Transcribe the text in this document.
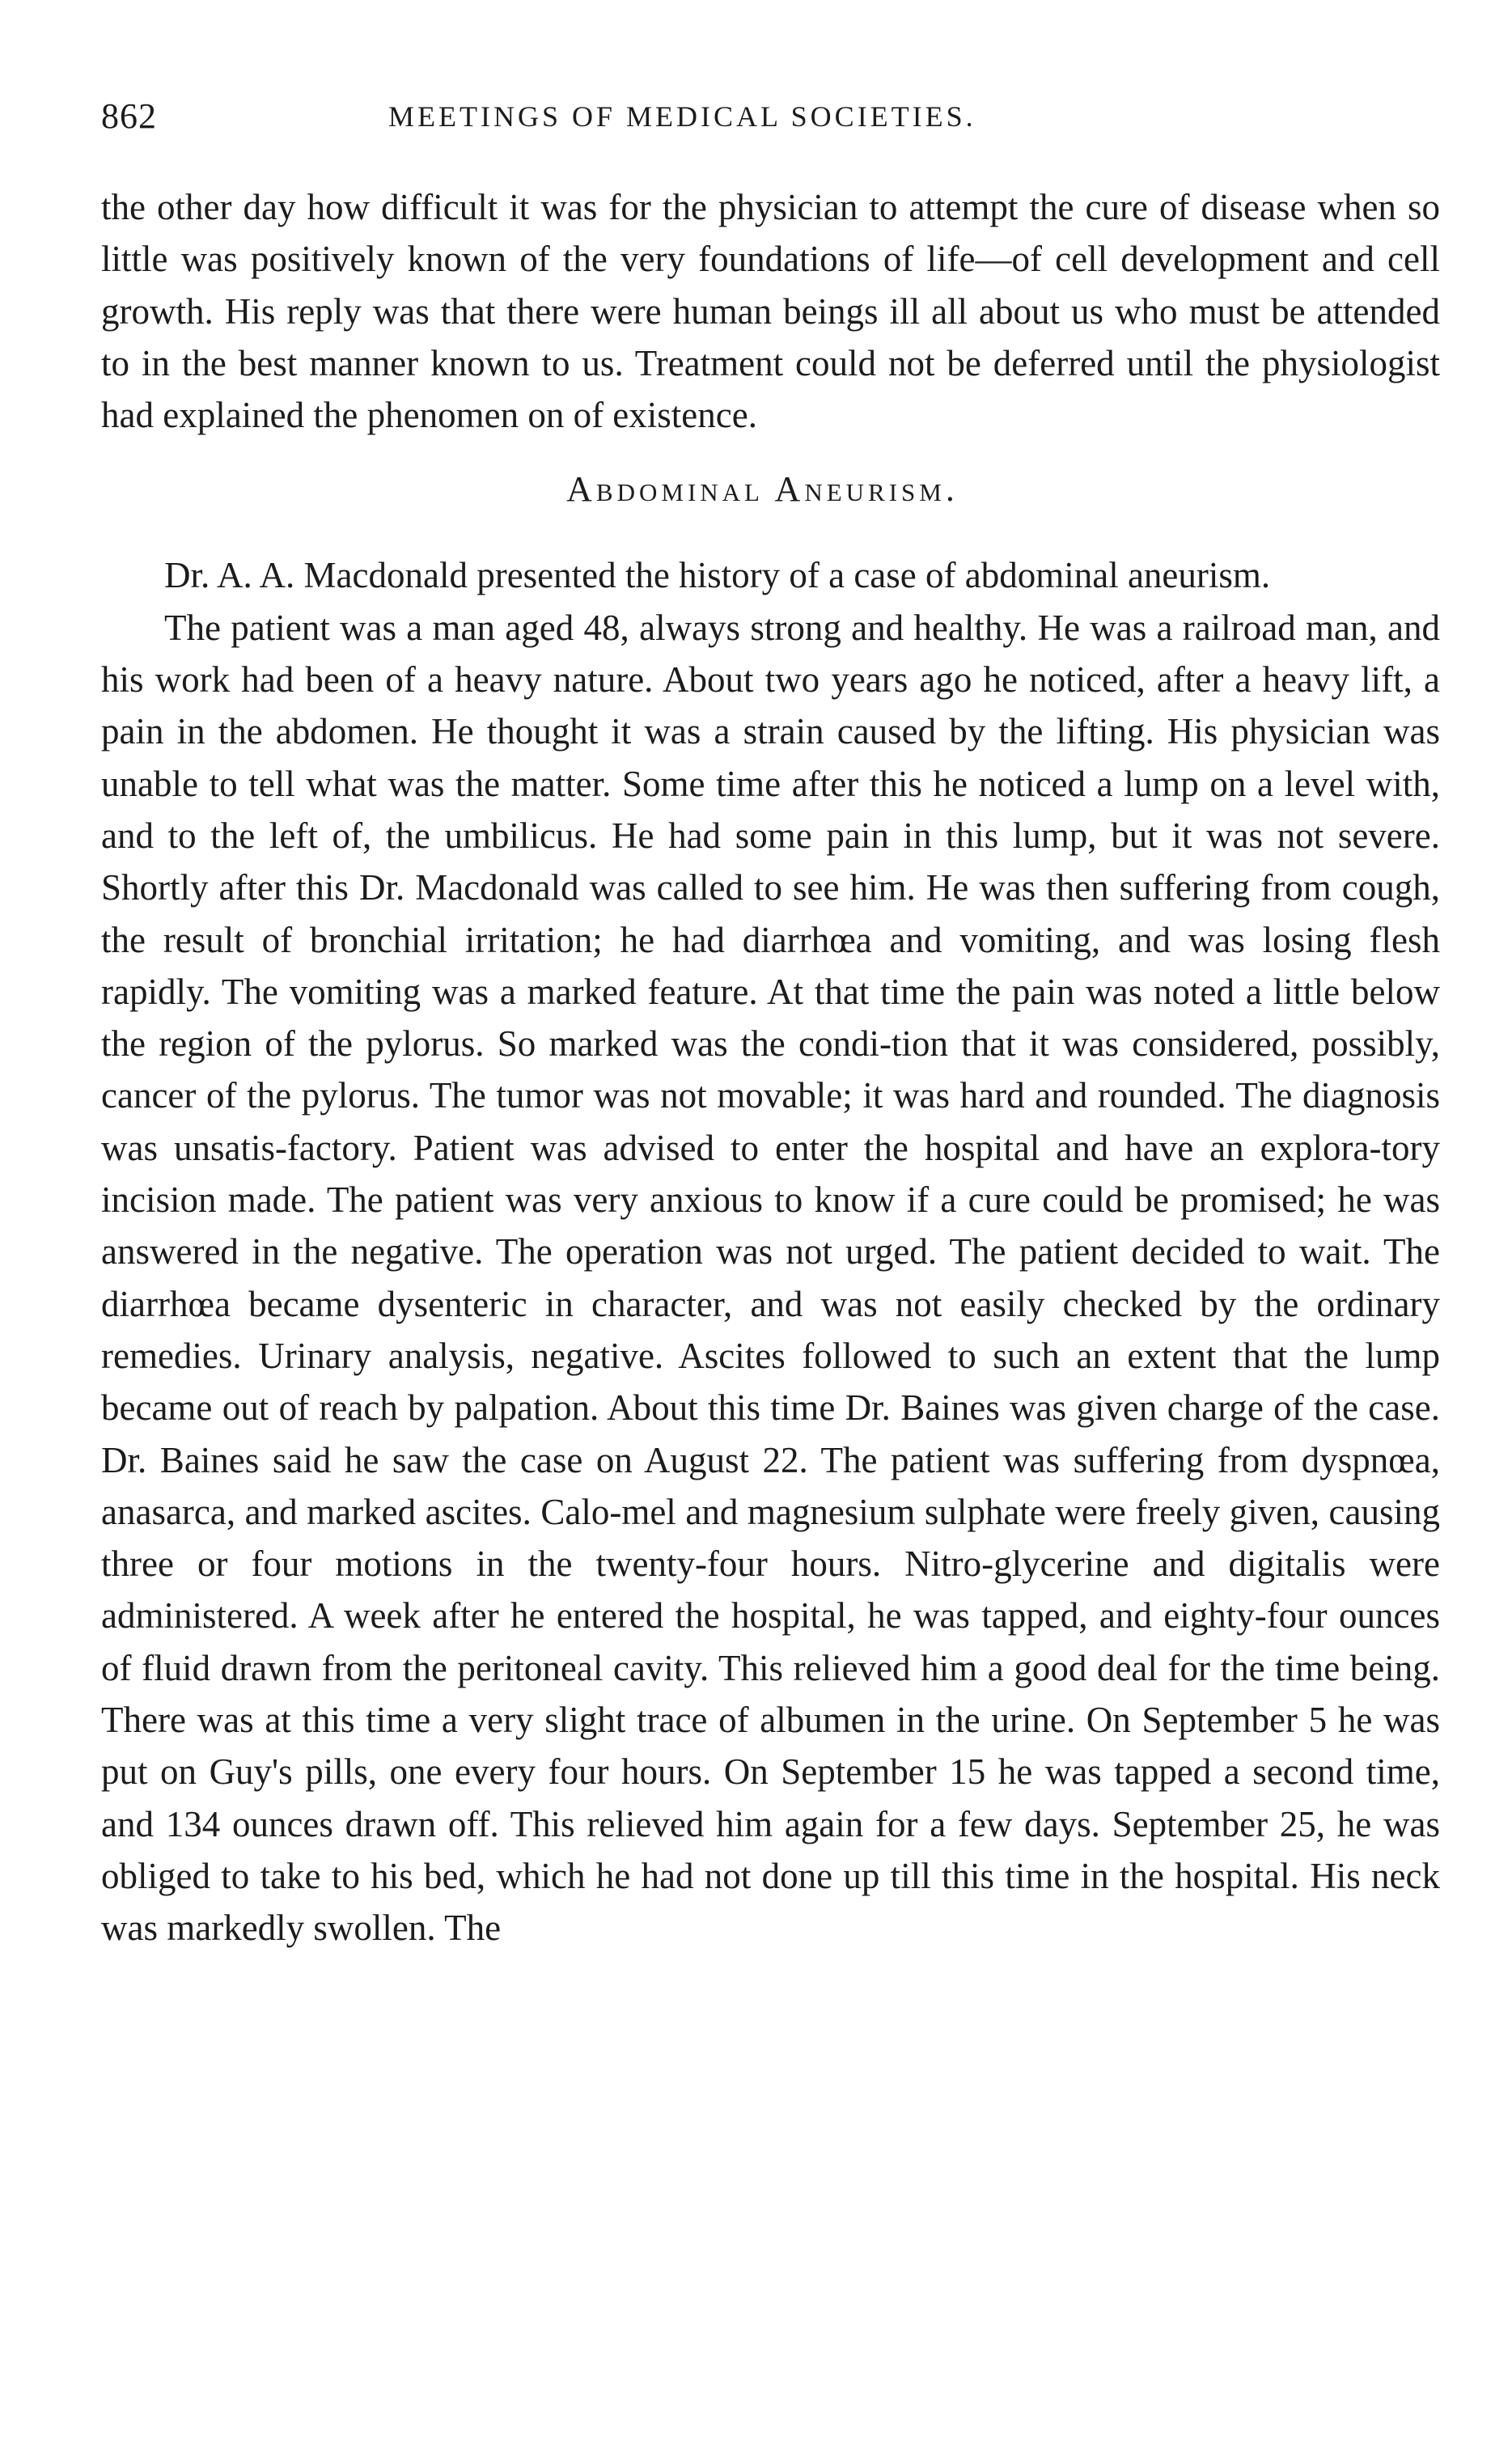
862	MEETINGS OF MEDICAL SOCIETIES.

the other day how difficult it was for the physician to attempt the cure of disease when so little was positively known of the very foundations of life—of cell development and cell growth. His reply was that there were human beings ill all about us who must be attended to in the best manner known to us. Treatment could not be deferred until the physiologist had explained the phenomen on of existence.

Abdominal Aneurism.

Dr. A. A. Macdonald presented the history of a case of abdominal aneurism.

The patient was a man aged 48, always strong and healthy. He was a railroad man, and his work had been of a heavy nature. About two years ago he noticed, after a heavy lift, a pain in the abdomen. He thought it was a strain caused by the lifting. His physician was unable to tell what was the matter. Some time after this he noticed a lump on a level with, and to the left of, the umbilicus. He had some pain in this lump, but it was not severe. Shortly after this Dr. Macdonald was called to see him. He was then suffering from cough, the result of bronchial irritation; he had diarrhœa and vomiting, and was losing flesh rapidly. The vomiting was a marked feature. At that time the pain was noted a little below the region of the pylorus. So marked was the condi-tion that it was considered, possibly, cancer of the pylorus. The tumor was not movable; it was hard and rounded. The diagnosis was unsatis-factory. Patient was advised to enter the hospital and have an explora-tory incision made. The patient was very anxious to know if a cure could be promised; he was answered in the negative. The operation was not urged. The patient decided to wait. The diarrhœa became dysenteric in character, and was not easily checked by the ordinary remedies. Urinary analysis, negative. Ascites followed to such an extent that the lump became out of reach by palpation. About this time Dr. Baines was given charge of the case. Dr. Baines said he saw the case on August 22. The patient was suffering from dyspnœa, anasarca, and marked ascites. Calo-mel and magnesium sulphate were freely given, causing three or four motions in the twenty-four hours. Nitro-glycerine and digitalis were administered. A week after he entered the hospital, he was tapped, and eighty-four ounces of fluid drawn from the peritoneal cavity. This relieved him a good deal for the time being. There was at this time a very slight trace of albumen in the urine. On September 5 he was put on Guy's pills, one every four hours. On September 15 he was tapped a second time, and 134 ounces drawn off. This relieved him again for a few days. September 25, he was obliged to take to his bed, which he had not done up till this time in the hospital. His neck was markedly swollen. The
